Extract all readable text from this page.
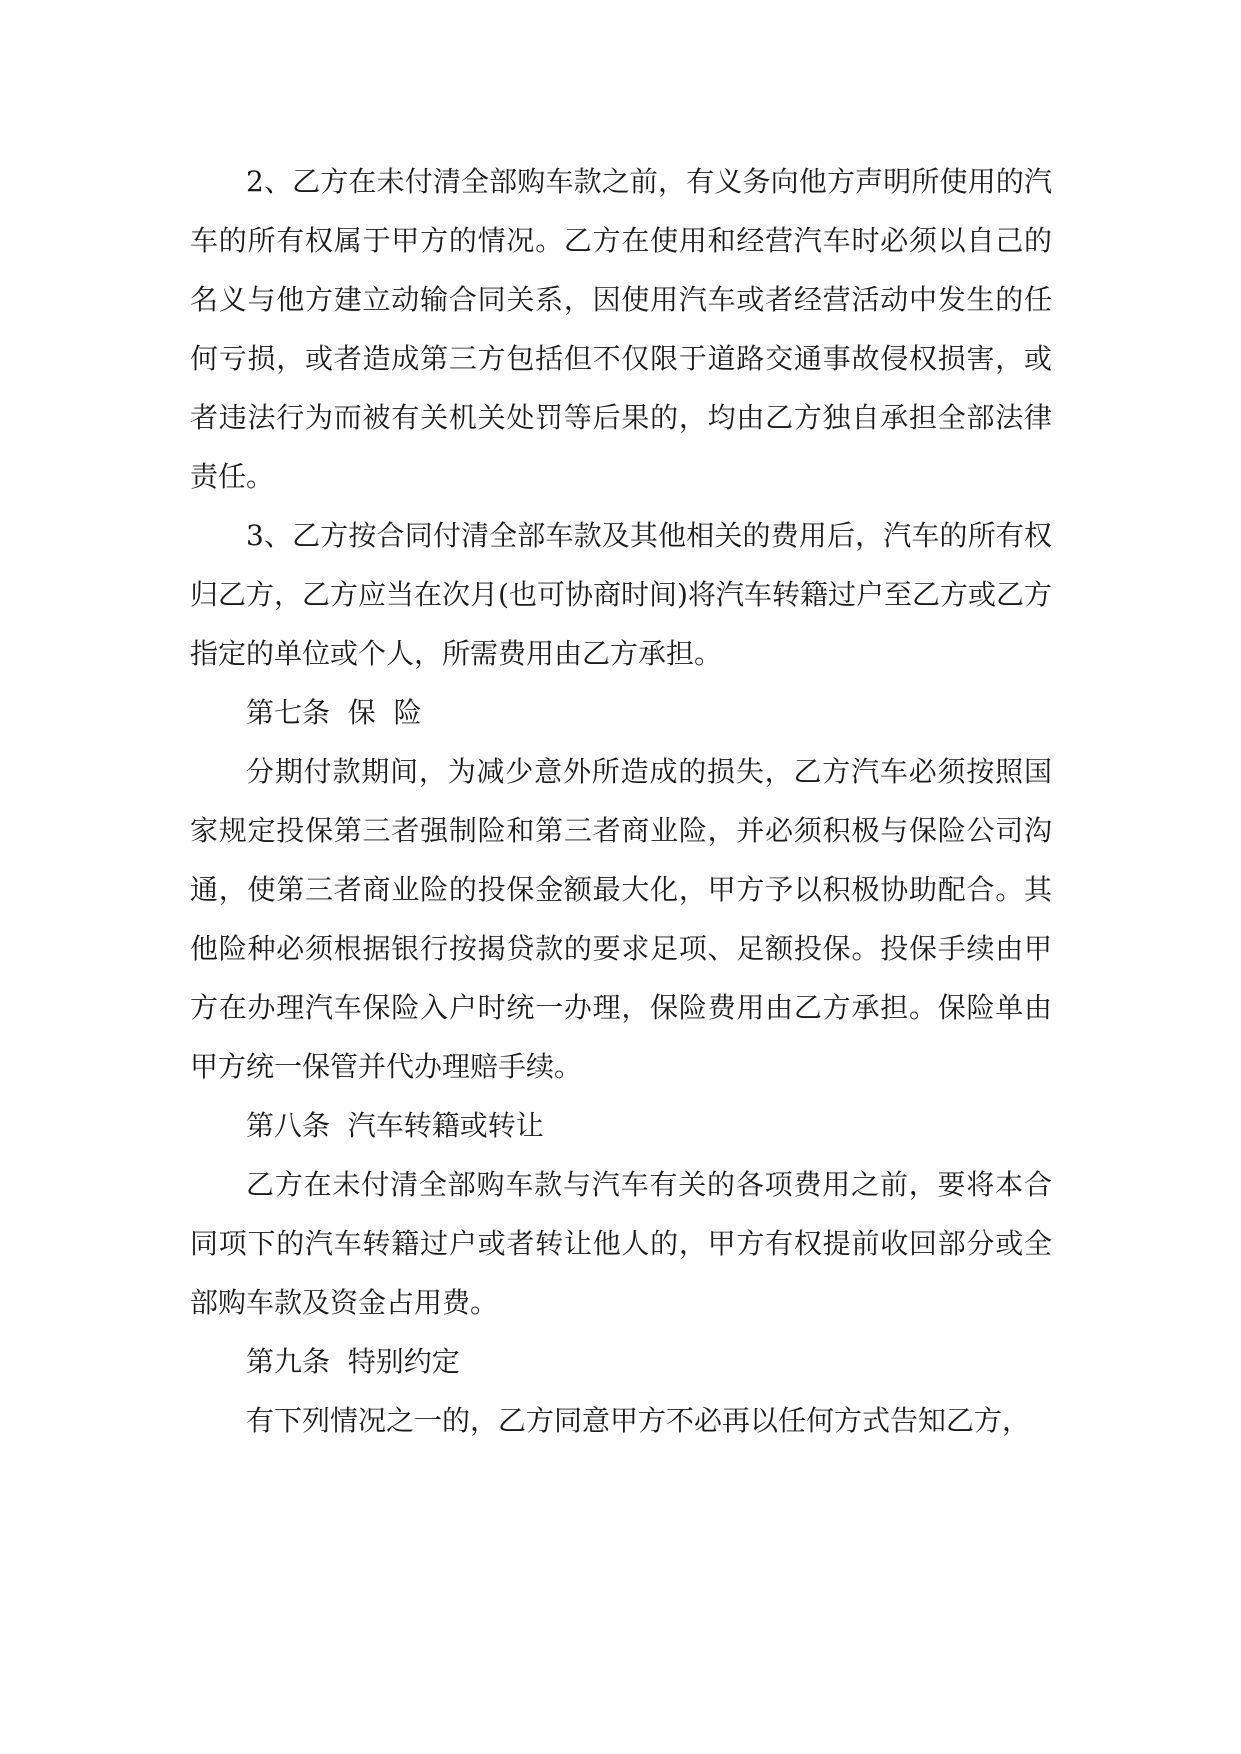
2、乙方在未付清全部购车款之前，有义务向他方声明所使用的汽车的所有权属于甲方的情况。乙方在使用和经营汽车时必须以自己的名义与他方建立动输合同关系，因使用汽车或者经营活动中发生的任何亏损，或者造成第三方包括但不仅限于道路交通事故侵权损害，或者违法行为而被有关机关处罚等后果的，均由乙方独自承担全部法律责任。

3、乙方按合同付清全部车款及其他相关的费用后，汽车的所有权归乙方，乙方应当在次月(也可协商时间)将汽车转籍过户至乙方或乙方指定的单位或个人，所需费用由乙方承担。

第七条  保  险

分期付款期间，为减少意外所造成的损失，乙方汽车必须按照国家规定投保第三者强制险和第三者商业险，并必须积极与保险公司沟通，使第三者商业险的投保金额最大化，甲方予以积极协助配合。其他险种必须根据银行按揭贷款的要求足项、足额投保。投保手续由甲方在办理汽车保险入户时统一办理，保险费用由乙方承担。保险单由甲方统一保管并代办理赔手续。

第八条  汽车转籍或转让

乙方在未付清全部购车款与汽车有关的各项费用之前，要将本合同项下的汽车转籍过户或者转让他人的，甲方有权提前收回部分或全部购车款及资金占用费。

第九条  特别约定

有下列情况之一的，乙方同意甲方不必再以任何方式告知乙方，
